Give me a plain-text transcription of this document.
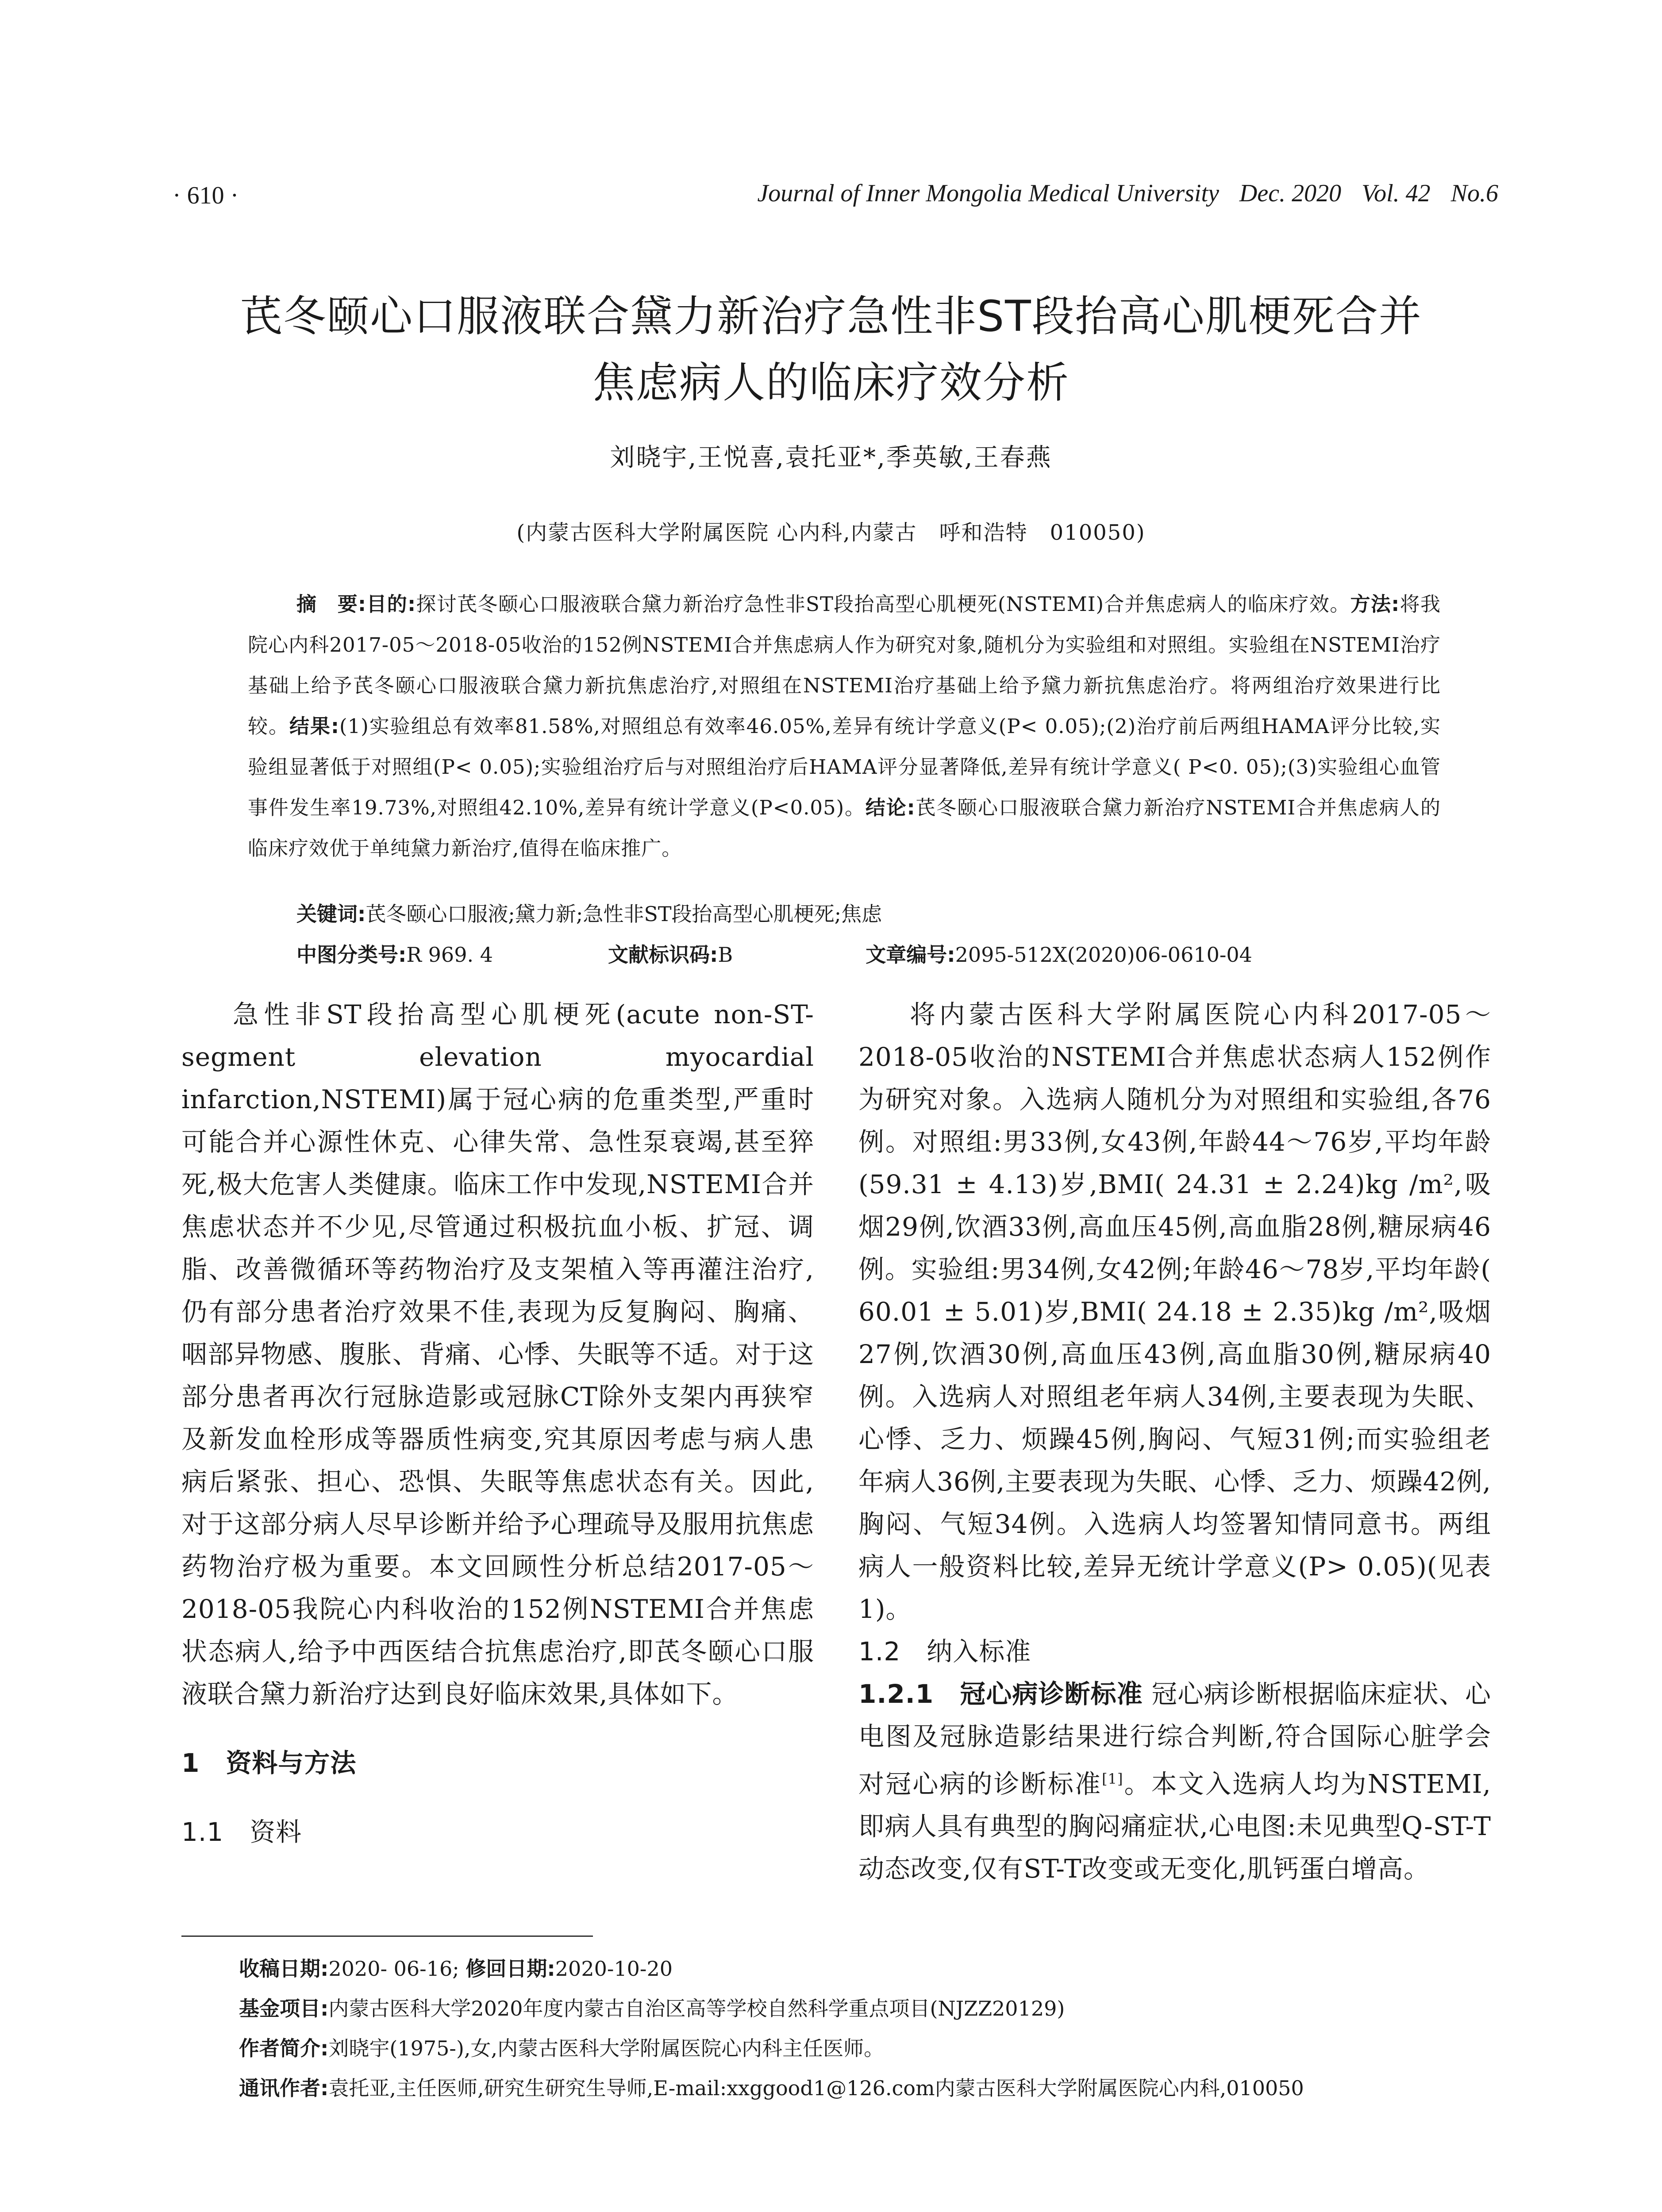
· 610 ·	Journal of Inner Mongolia Medical University Dec. 2020 Vol. 42 No.6
芪冬颐心口服液联合黛力新治疗急性非ST段抬高心肌梗死合并
焦虑病人的临床疗效分析
刘晓宇,王悦喜,袁托亚*,季英敏,王春燕
(内蒙古医科大学附属医院 心内科,内蒙古　呼和浩特　010050)

摘　要:目的:探讨芪冬颐心口服液联合黛力新治疗急性非ST段抬高型心肌梗死(NSTEMI)合并焦虑病人的临床疗效。方法:将我院心内科2017-05～2018-05收治的152例NSTEMI合并焦虑病人作为研究对象,随机分为实验组和对照组。实验组在NSTEMI治疗基础上给予芪冬颐心口服液联合黛力新抗焦虑治疗,对照组在NSTEMI治疗基础上给予黛力新抗焦虑治疗。将两组治疗效果进行比较。结果:(1)实验组总有效率81.58%,对照组总有效率46.05%,差异有统计学意义(P< 0.05);(2)治疗前后两组HAMA评分比较,实验组显著低于对照组(P< 0.05);实验组治疗后与对照组治疗后HAMA评分显著降低,差异有统计学意义( P<0. 05);(3)实验组心血管事件发生率19.73%,对照组42.10%,差异有统计学意义(P<0.05)。结论:芪冬颐心口服液联合黛力新治疗NSTEMI合并焦虑病人的临床疗效优于单纯黛力新治疗,值得在临床推广。

关键词:芪冬颐心口服液;黛力新;急性非ST段抬高型心肌梗死;焦虑
中图分类号:R 969. 4	文献标识码:B	文章编号:2095-512X(2020)06-0610-04

急性非ST段抬高型心肌梗死(acute non-ST-segment elevation myocardial infarction,NSTEMI)属于冠心病的危重类型,严重时可能合并心源性休克、心律失常、急性泵衰竭,甚至猝死,极大危害人类健康。临床工作中发现,NSTEMI合并焦虑状态并不少见,尽管通过积极抗血小板、扩冠、调脂、改善微循环等药物治疗及支架植入等再灌注治疗,仍有部分患者治疗效果不佳,表现为反复胸闷、胸痛、咽部异物感、腹胀、背痛、心悸、失眠等不适。对于这部分患者再次行冠脉造影或冠脉CT除外支架内再狭窄及新发血栓形成等器质性病变,究其原因考虑与病人患病后紧张、担心、恐惧、失眠等焦虑状态有关。因此,对于这部分病人尽早诊断并给予心理疏导及服用抗焦虑药物治疗极为重要。本文回顾性分析总结2017-05～2018-05我院心内科收治的152例NSTEMI合并焦虑状态病人,给予中西医结合抗焦虑治疗,即芪冬颐心口服液联合黛力新治疗达到良好临床效果,具体如下。

1　资料与方法

1.1　资料

将内蒙古医科大学附属医院心内科2017-05～2018-05收治的NSTEMI合并焦虑状态病人152例作为研究对象。入选病人随机分为对照组和实验组,各76例。对照组:男33例,女43例,年龄44～76岁,平均年龄(59.31 ± 4.13)岁,BMI( 24.31 ± 2.24)kg /m²,吸烟29例,饮酒33例,高血压45例,高血脂28例,糖尿病46例。实验组:男34例,女42例;年龄46～78岁,平均年龄( 60.01 ± 5.01)岁,BMI( 24.18 ± 2.35)kg /m²,吸烟27例,饮酒30例,高血压43例,高血脂30例,糖尿病40例。入选病人对照组老年病人34例,主要表现为失眠、心悸、乏力、烦躁45例,胸闷、气短31例;而实验组老年病人36例,主要表现为失眠、心悸、乏力、烦躁42例,胸闷、气短34例。入选病人均签署知情同意书。两组病人一般资料比较,差异无统计学意义(P> 0.05)(见表1)。

1.2　纳入标准

1.2.1　冠心病诊断标准 冠心病诊断根据临床症状、心电图及冠脉造影结果进行综合判断,符合国际心脏学会对冠心病的诊断标准[1]。本文入选病人均为NSTEMI,即病人具有典型的胸闷痛症状,心电图:未见典型Q-ST-T动态改变,仅有ST-T改变或无变化,肌钙蛋白增高。

收稿日期:2020- 06-16; 修回日期:2020-10-20
基金项目:内蒙古医科大学2020年度内蒙古自治区高等学校自然科学重点项目(NJZZ20129)
作者简介:刘晓宇(1975-),女,内蒙古医科大学附属医院心内科主任医师。
通讯作者:袁托亚,主任医师,研究生研究生导师,E-mail:xxggood1@126.com内蒙古医科大学附属医院心内科,010050
